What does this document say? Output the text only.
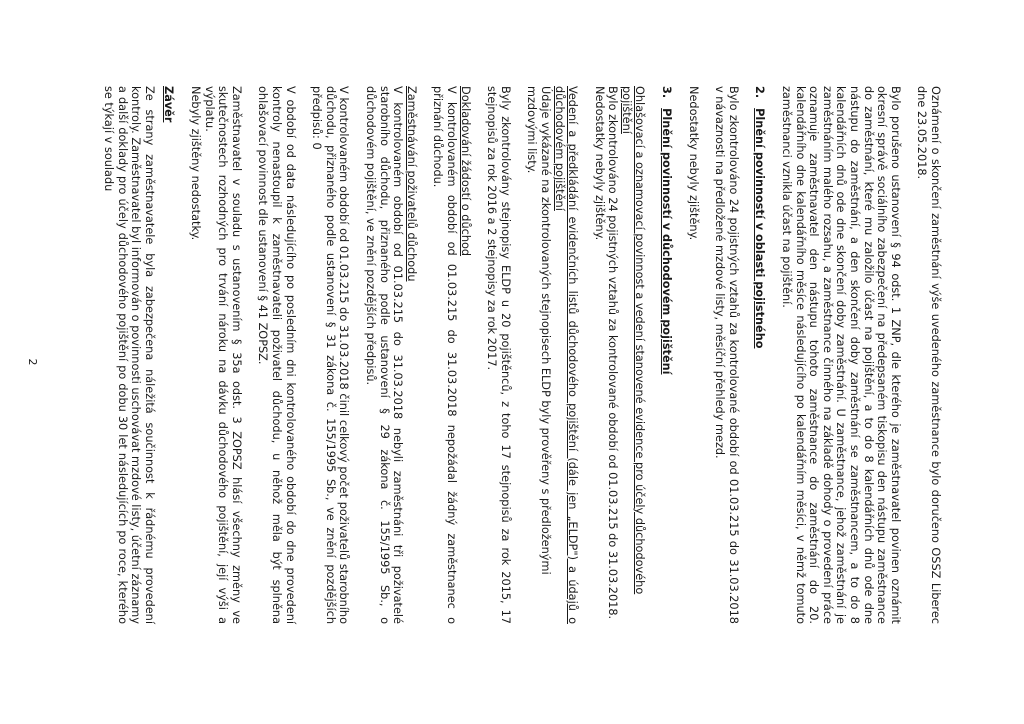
Oznámení o skončení zaměstnání výše uvedeného zaměstnance bylo doručeno OSSZ Liberec dne 23.05.2018.

Bylo porušeno ustanovení § 94 odst. 1 ZNP, dle kterého je zaměstnavatel povinen oznámit okresní správě sociálního zabezpečení na předepsaném tiskopisu den nástupu zaměstnance do zaměstnání, které mu založilo účast na pojištění, a to do 8 kalendářních dnů ode dne nástupu do zaměstnání, a den skončení doby zaměstnání se zaměstnancem, a to do 8 kalendářních dnů ode dne skončení doby zaměstnání. U zaměstnance, jehož zaměstnání je zaměstnáním malého rozsahu, a zaměstnance činného na základě dohody o provedení práce oznamuje zaměstnavatel den nástupu tohoto zaměstnance do zaměstnání do 20. kalendářního dne kalendářního měsíce následujícího po kalendářním měsíci, v němž tomuto zaměstnanci vznikla účast na pojištění.

2.Plnění povinností v oblasti pojistného

Bylo zkontrolováno 24 pojistných vztahů za kontrolované období od 01.03.215 do 31.03.2018 v návaznosti na předložené mzdové listy, měsíční přehledy mezd.

Nedostatky nebyly zjištěny.

3.Plnění povinností v důchodovém pojištění

Ohlašovací a oznamovací povinnost a vedení stanovené evidence pro účely důchodového pojištění

Bylo zkontrolováno 24 pojistných vztahů za kontrolované období od 01.03.215 do 31.03.2018.

Nedostatky nebyly zjištěny.

Vedení a předkládání evidenčních listů důchodového pojištění (dále jen „ELDP") a údajů o důchodovém pojištění

Údaje vykázané na zkontrolovaných stejnopisech ELDP byly prověřeny s předloženými mzdovými listy.

Byly zkontrolovány stejnopisy ELDP u 20 pojištěnců, z toho 17 stejnopisů za rok 2015, 17 stejnopisů za rok 2016 a 2 stejnopisy za rok 2017.

Dokladování žádostí o důchod

V kontrolovaném období od 01.03.215 do 31.03.2018 nepožádal žádný zaměstnanec o přiznání důchodu.

Zaměstnávání poživatelů důchodu

V kontrolovaném období od 01.03.215 do 31.03.2018 nebyli zaměstnáni tři poživatelé starobního důchodu, přiznaného podle ustanovení § 29 zákona č. 155/1995 Sb., o důchodovém pojištění, ve znění pozdějších předpisů.

V kontrolovaném období od 01.03.215 do 31.03.2018 činil celkový počet poživatelů starobního důchodu, přiznaného podle ustanovení § 31 zákona č. 155/1995 Sb., ve znění pozdějších předpisů: 0

V období od data následujícího po posledním dni kontrolovaného období do dne provedení kontroly nenastoupil k zaměstnavateli poživatel důchodu, u něhož měla být splněna ohlašovací povinnost dle ustanovení § 41 ZOPSZ.

Zaměstnavatel v souladu s ustanovením § 35a odst. 3 ZOPSZ hlásí všechny změny ve skutečnostech rozhodných pro trvání nároku na dávku důchodového pojištění, její výši a výplatu.

Nebyly zjištěny nedostatky.

Závěr

Ze strany zaměstnavatele byla zabezpečena náležitá součinnost k řádnému provedení kontroly. Zaměstnavatel byl informován o povinnosti uschovávat mzdové listy, účetní záznamy a další doklady pro účely důchodového pojištění po dobu 30 let následujících po roce, kterého se týkají v souladu

2
